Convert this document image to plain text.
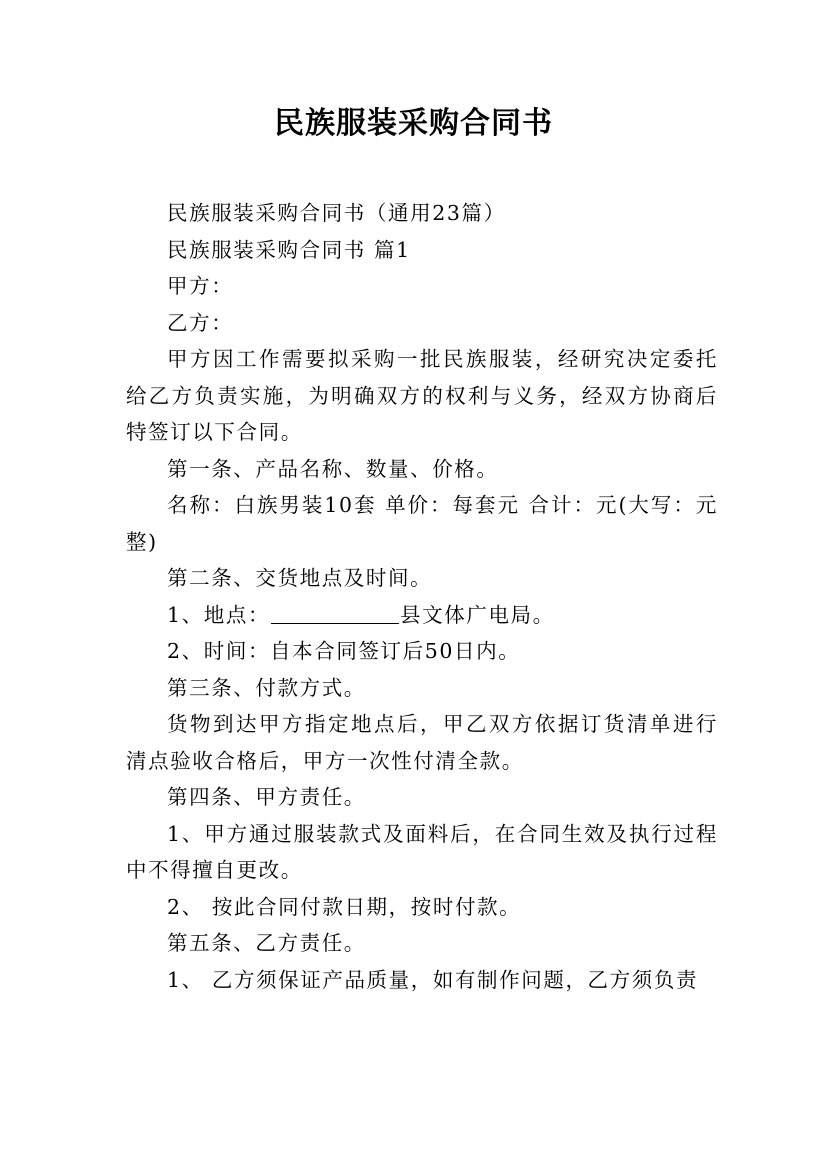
民族服装采购合同书

民族服装采购合同书（通用23篇）

民族服装采购合同书 篇1

甲方：

乙方：

甲方因工作需要拟采购一批民族服装，经研究决定委托给乙方负责实施，为明确双方的权利与义务，经双方协商后特签订以下合同。

第一条、产品名称、数量、价格。

名称：白族男装10套 单价：每套元 合计：元(大写：元整)

第二条、交货地点及时间。

1、地点：	县文体广电局。

2、时间：自本合同签订后50日内。

第三条、付款方式。

货物到达甲方指定地点后，甲乙双方依据订货清单进行清点验收合格后，甲方一次性付清全款。

第四条、甲方责任。

1、甲方通过服装款式及面料后，在合同生效及执行过程中不得擅自更改。

2、 按此合同付款日期，按时付款。

第五条、乙方责任。

1、 乙方须保证产品质量，如有制作问题，乙方须负责
